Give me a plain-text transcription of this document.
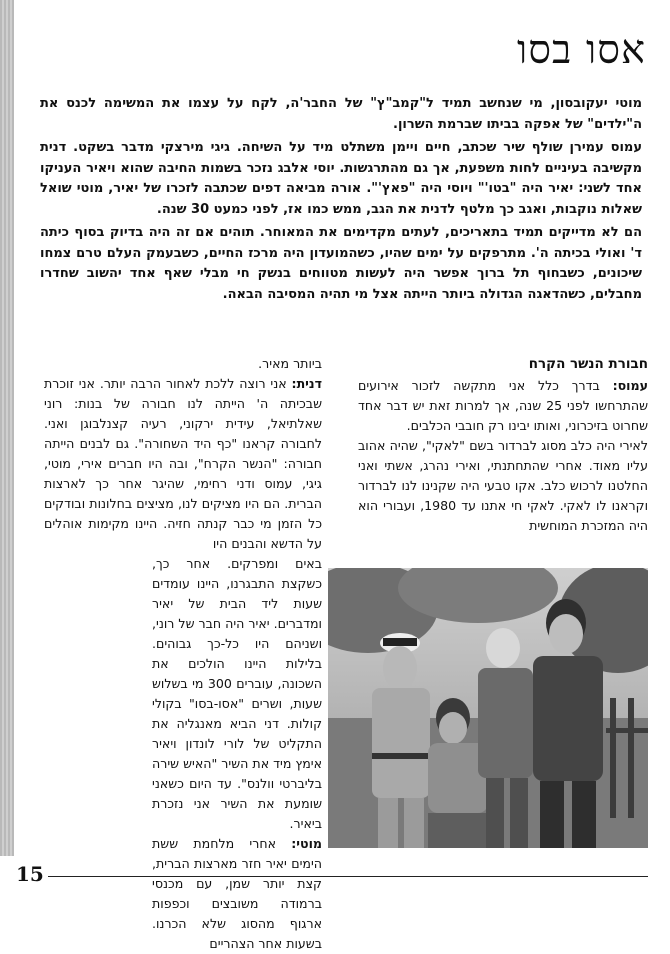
אסו בסו

מוטי יעקובסון, מי שנחשב תמיד ל"קמב"ץ" של החבר'ה, לקח על עצמו את המשימה לכנס את ה"ילדים" של אפקה בביתו שברמת השרון.

עמוס עמירן שולף שיר שכתב, חיים ויימן משתלט מיד על השיחה. גיגי מירצקי מדבר בשקט. דנית מקשיבה בעיניים לחות משפעת, אך גם מהתרגשות. יוסי אלבג נזכר בשמות החיבה שהוא ויאיר העניקו אחד לשני: יאיר היה "בטו'" ויוסי היה "פאץ'". אורה מביאה דפים שכתבה לזכרו של יאיר, מוטי שואל שאלות נוקבות, ואגב כך מלטף לדנית את הגב, ממש כמו אז, לפני כמעט 30 שנה.

הם לא מדייקים תמיד בתאריכים, לעתים מקדימים את המאוחר. תוהים אם זה היה בדיוק בסוף כיתה ד' ואולי בכיתה ה'. מתרפקים על ימים שהיו, כשהמועדון היה מרכז החיים, כשבעמק העלם טרם צמחו שיכונים, כשבחוף תל ברוך אפשר היה לעשות מטווחים בנשק חי מבלי שאף אחד יהשוב שחדרו מחבלים, כשהדאגה הגדולה ביותר הייתה אצל מי תהיה המסיבה הבאה.

חבורת הנשר הקרח

עמוס: בדרך כלל אני מתקשה לזכור אירועים שהתרחשו לפני 25 שנה, אך למרות זאת יש דבר אחד שחרוט בזיכרוני, ואותו יבינו רק חובבי הכלבים.

לאירי היה כלב מסוג לברדור בשם "לאקי", שהיה אהוב עליו מאוד. אחרי שהתחתנתי, ואירי נהרג, אשתי ואני החלטנו לרכוש כלב. אקו טבעי היה שקנינו לנו לברדור וקראנו לו לאקי. לאקי חי אתנו עד 1980, ועבורי הוא היה המזכרת המוחשית

ביותר מאיר.

דנית: אני רוצה ללכת לאחור הרבה יותר. אני זוכרת שבכיתה ה' הייתה לנו חבורה של בנות: רוני שאלתיאל, עידית ירקוני, רעיה קצנלבוגן ואני. לחבורה קראנו "כף היד השחורה". גם לבנים הייתה חבורה: "הנשר הקרח", ובה היו חברים אירי, מוטי, גיגי, עמוס ודני רחימי, שהיגר אחר כך לארצות הברית. הם היו מציקים לנו, מציצים בחלונות ובודקים כל הזמן מי כבר קנתה חזיה. היינו מקימות אוהלים על הדשא והבנים היו

באים ומפרקים. אחר כך, כשקצת התבגרנו, היינו עומדים שעות ליד הבית של יאיר ומדברים. יאיר היה חבר של רוני, ושניהם היו כל-כך גבוהים. בלילות היינו הולכים את השכונה, עוברים 300 מי בשלוש שעות, ושרים "אסו-בסו" בקולי קולות. דני הביא מאנגליה את התקליט של לורי לונדון ויאיר אימץ מיד את השיר "האיש שירה בליברטי וולנס". עד היום כשאני שומעת את השיר אני נזכרת ביאיר.

מוטי: אחרי מלחמת ששת הימים יאיר חזר מארצות הברית, קצת יותר שמן, עם מכנסי ברמודה משובצים וכפפות ארגוף מהסוג שלא הכרנו. בשעות אחר הצהריים

15
